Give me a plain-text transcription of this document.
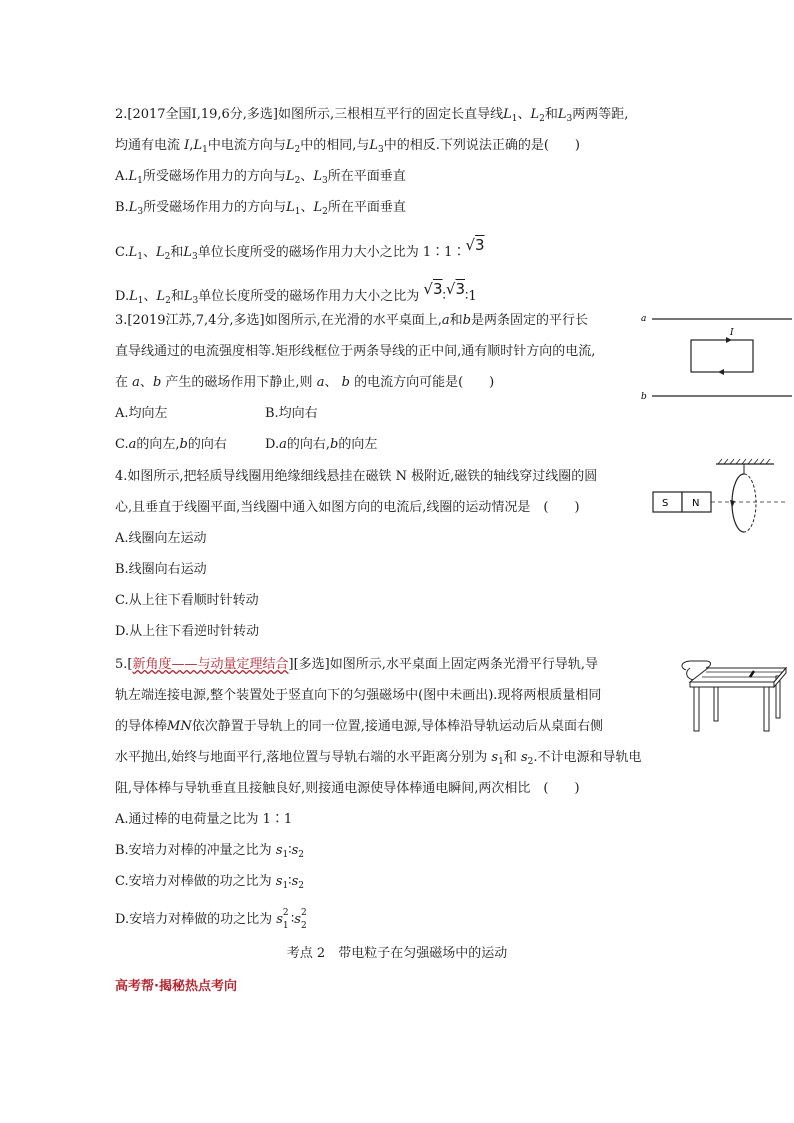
2.[2017全国Ⅰ,19,6分,多选]如图所示,三根相互平行的固定长直导线$L_1$、$L_2$和$L_3$两两等距,
均通有电流 $I,L_1$中电流方向与$L_2$中的相同,与$L_3$中的相反.下列说法正确的是(　　)
$A.L_1$所受磁场作用力的方向与$L_2$、$L_3$所在平面垂直
$B.L_3$所受磁场作用力的方向与$L_1$、$L_2$所在平面垂直
$C.L_1$、$L_2$和$L_3$单位长度所受的磁场作用力大小之比为 1∶1∶√3
$D.L_1$、$L_2$和$L_3$单位长度所受的磁场作用力大小之比为 √3∶√3∶1
3.[2019江苏,7,4分,多选]如图所示,在光滑的水平桌面上,a和b是两条固定的平行长
直导线通过的电流强度相等.矩形线框位于两条导线的正中间,通有顺时针方向的电流,
在 a、b 产生的磁场作用下静止,则 a、 b 的电流方向可能是(　　)
A.均向左	B.均向右
C.a的向左,b的向右	D.a的向右,b的向左
a
I
b
4.如图所示,把轻质导线圈用绝缘细线悬挂在磁铁 N 极附近,磁铁的轴线穿过线圈的圆
心,且垂直于线圈平面,当线圈中通入如图方向的电流后,线圈的运动情况是　(　　)
A.线圈向左运动
B.线圈向右运动
C.从上往下看顺时针转动
D.从上往下看逆时针转动
S N
5.[新角度——与动量定理结合][多选]如图所示,水平桌面上固定两条光滑平行导轨,导
轨左端连接电源,整个装置处于竖直向下的匀强磁场中(图中未画出).现将两根质量相同
的导体棒MN依次静置于导轨上的同一位置,接通电源,导体棒沿导轨运动后从桌面右侧
水平抛出,始终与地面平行,落地位置与导轨右端的水平距离分别为 $s_1$和 $s_2$.不计电源和导轨电
阻,导体棒与导轨垂直且接触良好,则接通电源使导体棒通电瞬间,两次相比　(　　)
A.通过棒的电荷量之比为 1∶1
B.安培力对棒的冲量之比为 $s_1∶s_2$
C.安培力对棒做的功之比为 $s_1∶s_2$
D.安培力对棒做的功之比为 s 2
1 ∶s 2
2
考点 2　带电粒子在匀强磁场中的运动
高考帮·揭秘热点考向
